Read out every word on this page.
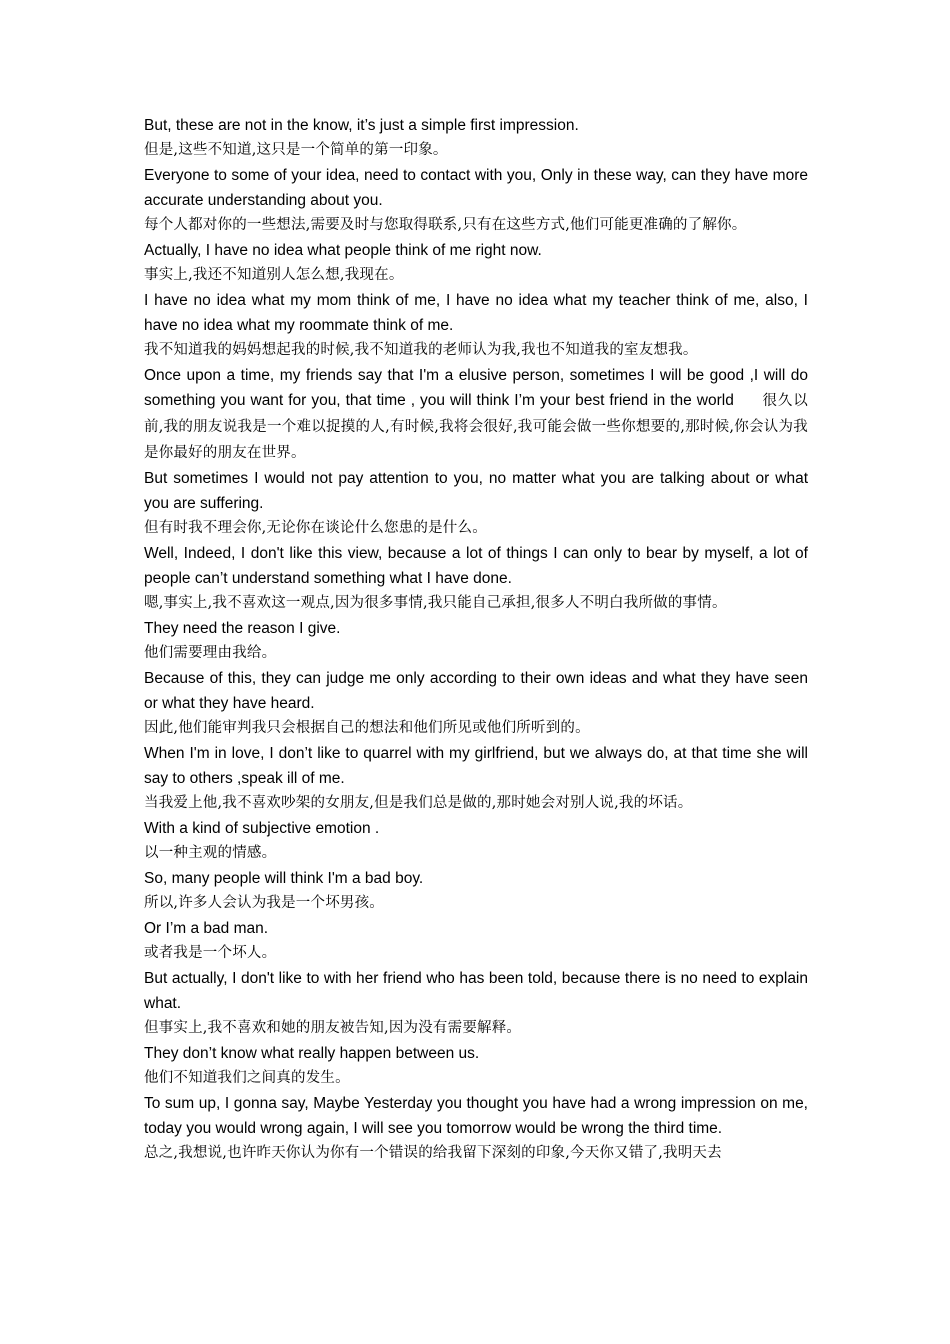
But, these are not in the know, it’s just a simple first impression.

但是,这些不知道,这只是一个简单的第一印象。

Everyone to some of your idea, need to contact with you, Only in these way, can they have more accurate understanding about you.

每个人都对你的一些想法,需要及时与您取得联系,只有在这些方式,他们可能更准确的了解你。

Actually, I have no idea what people think of me right now.

事实上,我还不知道别人怎么想,我现在。

I have no idea what my mom think of me, I have no idea what my teacher think of me, also, I have no idea what my roommate think of me.

我不知道我的妈妈想起我的时候,我不知道我的老师认为我,我也不知道我的室友想我。

Once upon a time, my friends say that I'm a elusive person, sometimes I will be good ,I will do something you want for you, that time , you will think I’m your best friend in the world 很久以前,我的朋友说我是一个难以捉摸的人,有时候,我将会很好,我可能会做一些你想要的,那时候,你会认为我是你最好的朋友在世界。

But sometimes I would not pay attention to you, no matter what you are talking about or what you are suffering.

但有时我不理会你,无论你在谈论什么您患的是什么。

Well, Indeed, I don't like this view, because a lot of things I can only to bear by myself, a lot of people can’t understand something what I have done.

嗯,事实上,我不喜欢这一观点,因为很多事情,我只能自己承担,很多人不明白我所做的事情。

They need the reason I give.

他们需要理由我给。

Because of this, they can judge me only according to their own ideas and what they have seen or what they have heard.

因此,他们能审判我只会根据自己的想法和他们所见或他们所听到的。

When I'm in love, I don’t like to quarrel with my girlfriend, but we always do, at that time she will say to others ,speak ill of me.

当我爱上他,我不喜欢吵架的女朋友,但是我们总是做的,那时她会对别人说,我的坏话。

With a kind of subjective emotion .

以一种主观的情感。

So, many people will think I'm a bad boy.

所以,许多人会认为我是一个坏男孩。

Or I’m a bad man.

或者我是一个坏人。

But actually, I don't like to with her friend who has been told, because there is no need to explain what.

但事实上,我不喜欢和她的朋友被告知,因为没有需要解释。

They don’t know what really happen between us.

他们不知道我们之间真的发生。

To sum up, I gonna say, Maybe Yesterday you thought you have had a wrong impression on me, today you would wrong again, I will see you tomorrow would be wrong the third time.

总之,我想说,也许昨天你认为你有一个错误的给我留下深刻的印象,今天你又错了,我明天去
